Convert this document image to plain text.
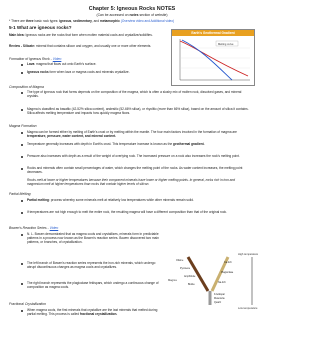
Chapter 5: Igneous Rocks NOTES
(Can be accessed on notes section of website)
* There are three basic rock types: igneous, sedimentary, and metamorphic (Overview video and Additional video)
5-1 What are igneous rocks?
Main Idea: Igneous rocks are the rocks that form when molten material cools and crystallize/solidifies.
Review - Silicate: mineral that contains silicon and oxygen, and usually one or more other elements.
Formation of Igneous Rock - Video
Lava: magma that flows out onto Earth's surface.
Igneous rocks form when lava or magma cools and minerals crystallize.
Earth's Geothermal Gradient
Melting curve
Composition of Magma
The type of igneous rock that forms depends on the composition of the magma, which is often a slushy mix of molten rock, dissolved gases, and mineral crystals.
Magma is classified as basaltic (42-52% silica content), andesitic (52-66% silica), or rhyolitic (more than 66% silica), based on the amount of silica it contains. Silica affects melting temperature and impacts how quickly magma flows.
Magma Formation
Magma can be formed either by melting of Earth's crust or by melting within the mantle. The four main factors involved in the formation of magma are temperature, pressure, water content, and mineral content.
Temperature generally increases with depth in Earth's crust. This temperature increase is known as the geothermal gradient.
Pressure also increases with depth as a result of the weight of overlying rock. The increased pressure on a rock also increases the rock's melting point.
Rocks and minerals often contain small percentages of water, which changes the melting point of the rocks. As water content increases, the melting point decreases.
Rocks melt at lower or higher temperatures because their component minerals have lower or higher melting points. In general, rocks rich in iron and magnesium melt at higher temperatures than rocks that contain higher levels of silicon.
Partial Melting
Partial melting: process whereby some minerals melt at relatively low temperatures while other minerals remain solid.
If temperatures are not high enough to melt the entire rock, the resulting magma will have a different composition than that of the original rock.
Bowen's Reaction Series - Video
N. L. Bowen demonstrated that as magma cools and crystallizes, minerals form in predictable patterns in a process now known as the Bowen's reaction series. Bowen discovered two main patterns, or branches, of crystallization.
The left branch of Bowen's reaction series represents the iron-rich minerals, which undergo abrupt discontinuous changes as magma cools and crystallizes.
The right branch represents the plagioclase feldspars, which undergo a continuous change of composition as magma cools.
High temperature
Magma
Low temperature
Olivine
Pyroxene
Amphibole
Biotite
Ca-rich
Plagioclase
Na-rich
K-feldspar
Muscovite
Quartz
Fractional Crystallization
When magma cools, the first minerals that crystallize are the last minerals that melted during partial melting. This process is called fractional crystallization.
